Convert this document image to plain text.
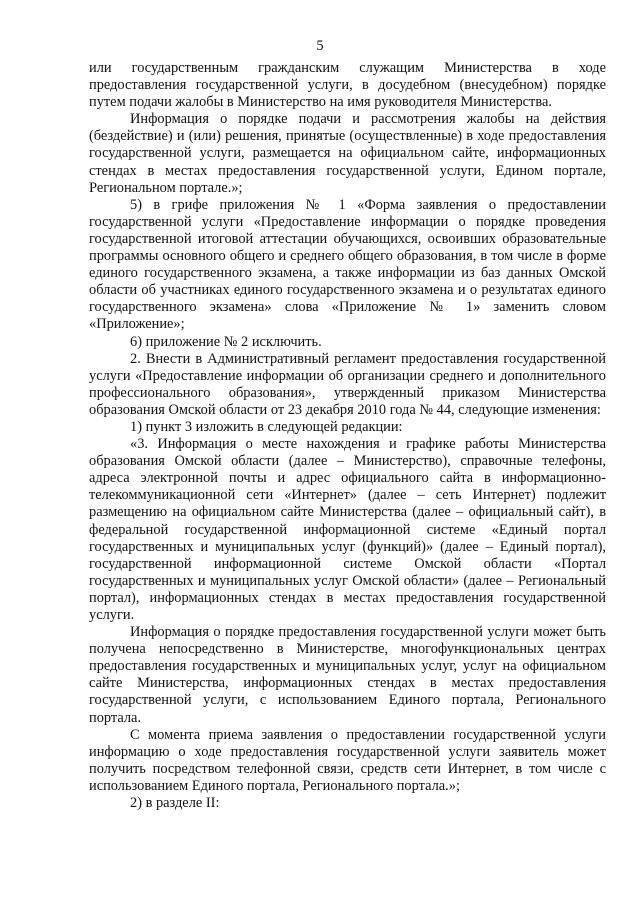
5

или государственным гражданским служащим Министерства в ходе предоставления государственной услуги, в досудебном (внесудебном) порядке путем подачи жалобы в Министерство на имя руководителя Министерства.

Информация о порядке подачи и рассмотрения жалобы на действия (бездействие) и (или) решения, принятые (осуществленные) в ходе предоставления государственной услуги, размещается на официальном сайте, информационных стендах в местах предоставления государственной услуги, Едином портале, Региональном портале.»;

5) в грифе приложения № 1 «Форма заявления о предоставлении государственной услуги «Предоставление информации о порядке проведения государственной итоговой аттестации обучающихся, освоивших образовательные программы основного общего и среднего общего образования, в том числе в форме единого государственного экзамена, а также информации из баз данных Омской области об участниках единого государственного экзамена и о результатах единого государственного экзамена» слова «Приложение № 1» заменить словом «Приложение»;

6) приложение № 2 исключить.

2. Внести в Административный регламент предоставления государственной услуги «Предоставление информации об организации среднего и дополнительного профессионального образования», утвержденный приказом Министерства образования Омской области от 23 декабря 2010 года № 44, следующие изменения:

1) пункт 3 изложить в следующей редакции:

«3. Информация о месте нахождения и графике работы Министерства образования Омской области (далее – Министерство), справочные телефоны, адреса электронной почты и адрес официального сайта в информационно-телекоммуникационной сети «Интернет» (далее – сеть Интернет) подлежит размещению на официальном сайте Министерства (далее – официальный сайт), в федеральной государственной информационной системе «Единый портал государственных и муниципальных услуг (функций)» (далее – Единый портал), государственной информационной системе Омской области «Портал государственных и муниципальных услуг Омской области» (далее – Региональный портал), информационных стендах в местах предоставления государственной услуги.

Информация о порядке предоставления государственной услуги может быть получена непосредственно в Министерстве, многофункциональных центрах предоставления государственных и муниципальных услуг, услуг на официальном сайте Министерства, информационных стендах в местах предоставления государственной услуги, с использованием Единого портала, Регионального портала.

С момента приема заявления о предоставлении государственной услуги информацию о ходе предоставления государственной услуги заявитель может получить посредством телефонной связи, средств сети Интернет, в том числе с использованием Единого портала, Регионального портала.»;

2) в разделе II:
